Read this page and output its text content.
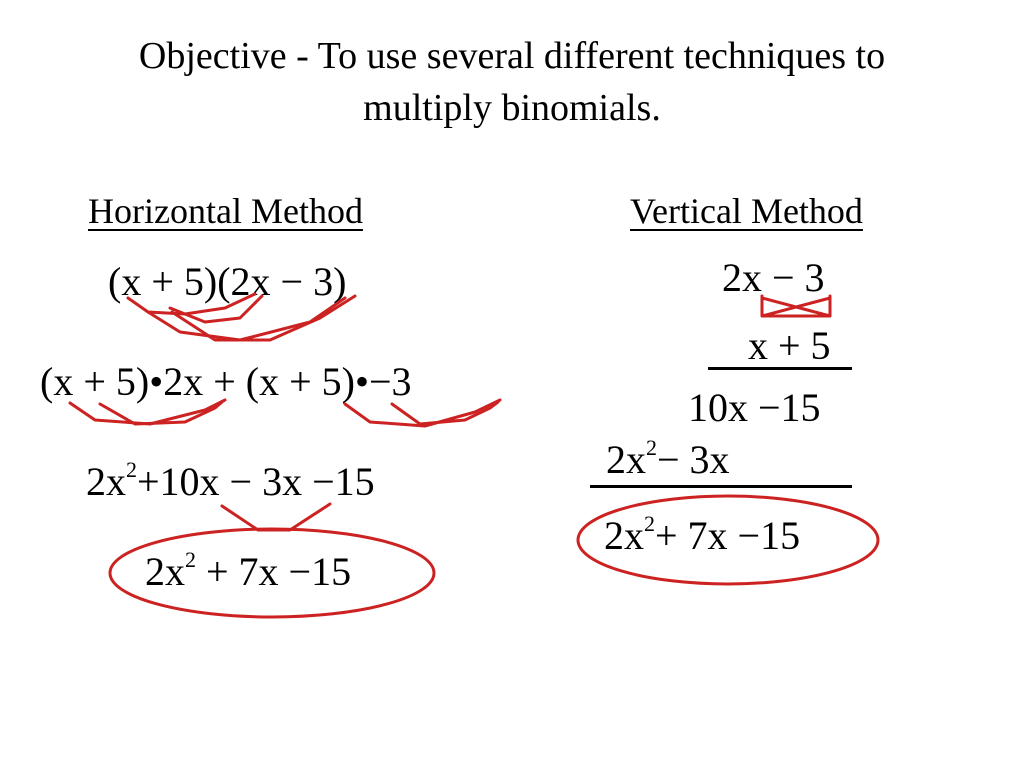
Objective - To use several different techniques to
multiply binomials.
Horizontal Method	Vertical Method
(x + 5)(2x − 3)
(x + 5)•2x + (x + 5)•−3
$2x^2+10x - 3x -15$
$2x^2 + 7x -15$
2x − 3
x + 5
10x −15
$2x^2- 3x$
$2x^2+ 7x -15$
